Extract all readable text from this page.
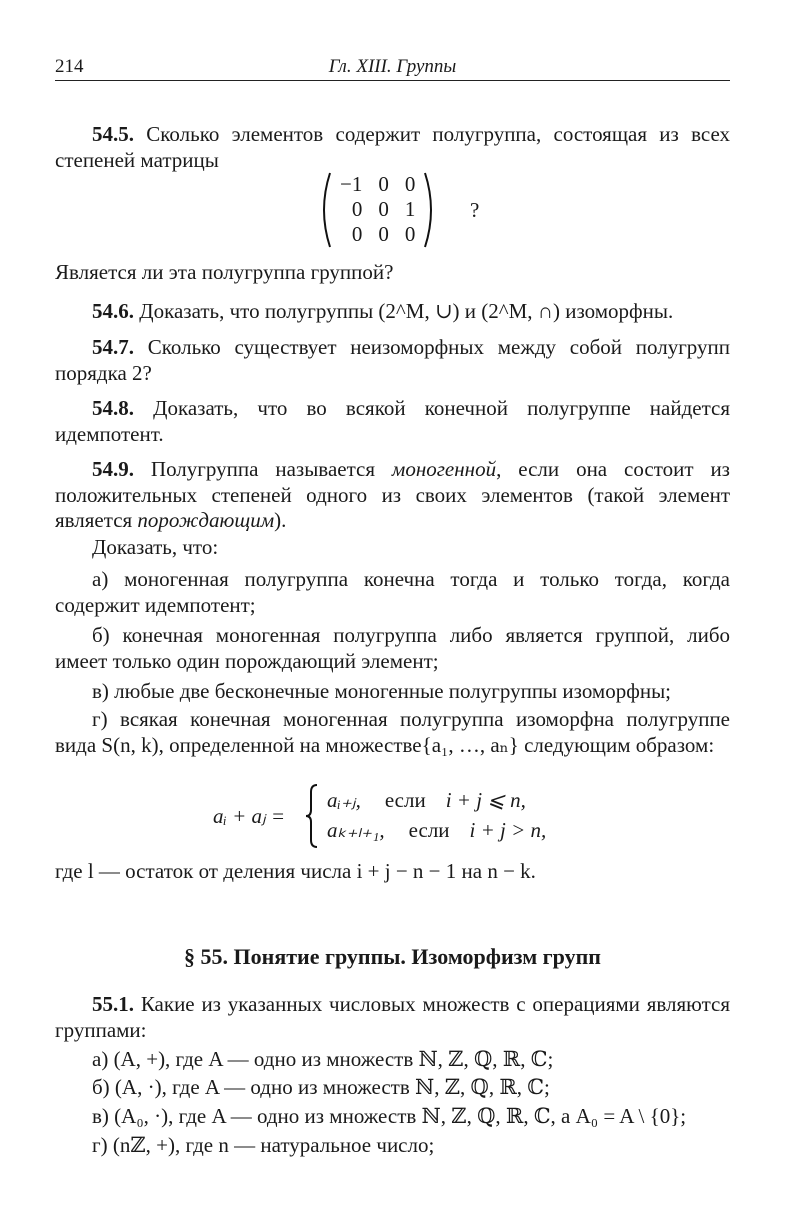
214	Гл. XIII. Группы
54.5. Сколько элементов содержит полугруппа, состоящая из всех степеней матрицы
−1	0	0
0	0	1
0	0	0
?
Является ли эта полугруппа группой?
54.6. Доказать, что полугруппы (2^M, ∪) и (2^M, ∩) изоморфны.
54.7. Сколько существует неизоморфных между собой полугрупп порядка 2?
54.8. Доказать, что во всякой конечной полугруппе найдется идемпотент.
54.9. Полугруппа называется моногенной, если она состоит из положительных степеней одного из своих элементов (такой элемент является порождающим).
Доказать, что:
а) моногенная полугруппа конечна тогда и только тогда, когда содержит идемпотент;
б) конечная моногенная полугруппа либо является группой, либо имеет только один порождающий элемент;
в) любые две бесконечные моногенные полугруппы изоморфны;
г) всякая конечная моногенная полугруппа изоморфна полугруппе вида S(n, k), определенной на множестве{a₁, …, aₙ} следующим образом:
aᵢ + aⱼ =
aᵢ₊ⱼ, если i + j ⩽ n,
aₖ₊ₗ₊₁, если i + j > n,
где l — остаток от деления числа i + j − n − 1 на n − k.
§ 55. Понятие группы. Изоморфизм групп
55.1. Какие из указанных числовых множеств с операциями являются группами:
а) (A, +), где A — одно из множеств ℕ, ℤ, ℚ, ℝ, ℂ;
б) (A, ·), где A — одно из множеств ℕ, ℤ, ℚ, ℝ, ℂ;
в) (A₀, ·), где A — одно из множеств ℕ, ℤ, ℚ, ℝ, ℂ, а A₀ = A \ {0};
г) (nℤ, +), где n — натуральное число;
